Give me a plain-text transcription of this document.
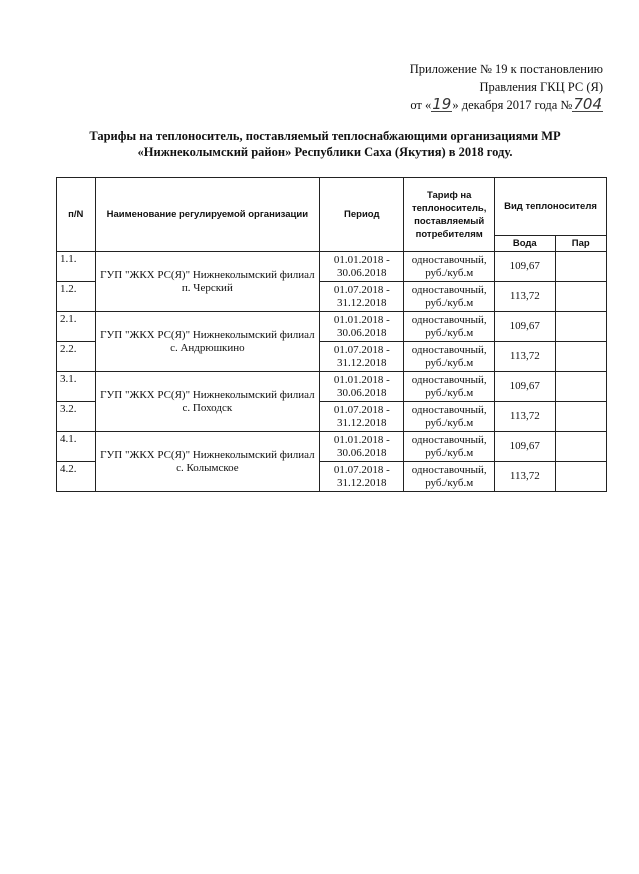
Приложение № 19 к постановлению
Правления ГКЦ РС (Я)
от «19» декабря 2017 года №704
Тарифы на теплоноситель, поставляемый теплоснабжающими организациями МР
«Нижнеколымский район» Республики Саха (Якутия) в 2018 году.
п/N	Наименование регулируемой организации	Период	Тариф на теплоноситель, поставляемый потребителям	Вид теплоносителя	
				Вода	Пар
1.1.	ГУП "ЖКХ РС(Я)" Нижнеколымский филиал п. Черский	01.01.2018 - 30.06.2018	одноставочный, руб./куб.м	109,67	
1.2.		01.07.2018 - 31.12.2018	одноставочный, руб./куб.м	113,72	
2.1.	ГУП "ЖКХ РС(Я)" Нижнеколымский филиал с. Андрюшкино	01.01.2018 - 30.06.2018	одноставочный, руб./куб.м	109,67	
2.2.		01.07.2018 - 31.12.2018	одноставочный, руб./куб.м	113,72	
3.1.	ГУП "ЖКХ РС(Я)" Нижнеколымский филиал с. Походск	01.01.2018 - 30.06.2018	одноставочный, руб./куб.м	109,67	
3.2.		01.07.2018 - 31.12.2018	одноставочный, руб./куб.м	113,72	
4.1.	ГУП "ЖКХ РС(Я)" Нижнеколымский филиал с. Колымское	01.01.2018 - 30.06.2018	одноставочный, руб./куб.м	109,67	
4.2.		01.07.2018 - 31.12.2018	одноставочный, руб./куб.м	113,72	
